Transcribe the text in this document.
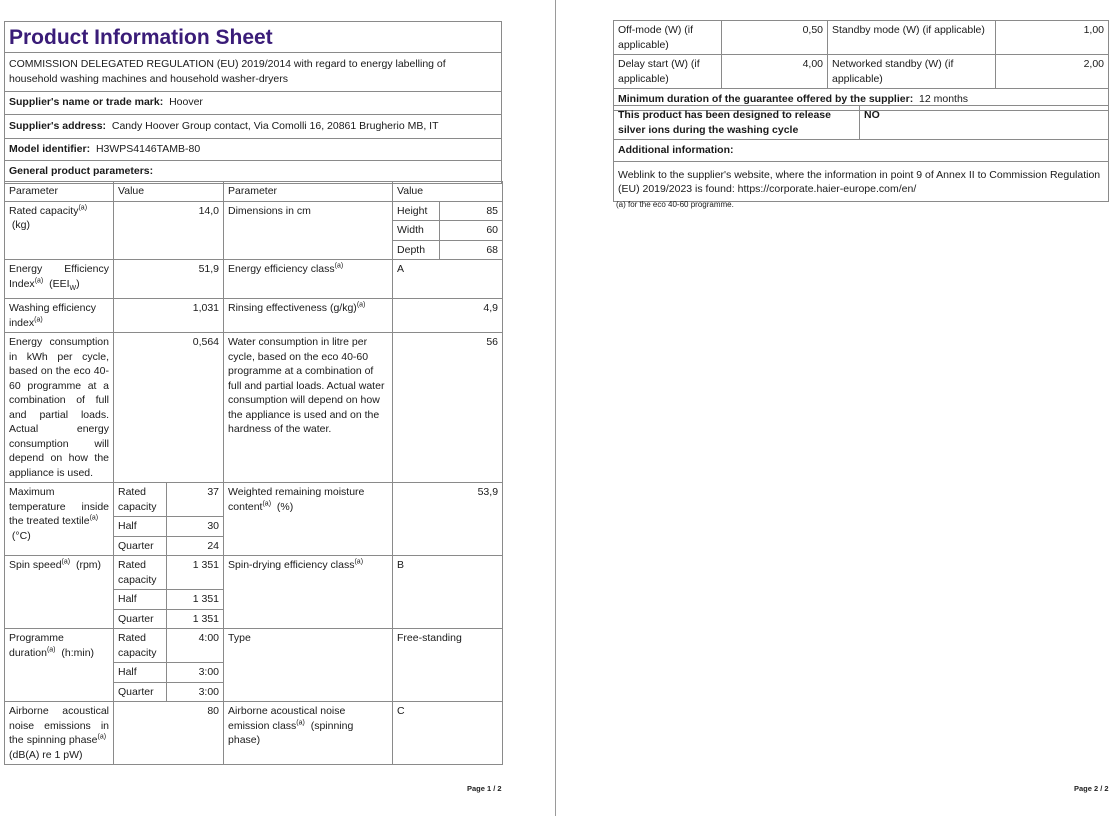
Product Information Sheet
COMMISSION DELEGATED REGULATION (EU) 2019/2014 with regard to energy labelling of household washing machines and household washer-dryers
Supplier's name or trade mark: Hoover
Supplier's address: Candy Hoover Group contact, Via Comolli 16, 20861 Brugherio MB, IT
Model identifier: H3WPS4146TAMB-80
General product parameters:
Parameter	Value		Parameter	Value	
Rated capacity$^{(a)}$
(kg)	14,0		Dimensions in cm	Height	85
				Width	60
				Depth	68
Energy Efficiency Index$^{(a)}$ $(EEI_W)$	51,9		Energy efficiency class$^{(a)}$	A	
Washing efficiency index$^{(a)}$	1,031		Rinsing effectiveness $(g/kg)^{(a)}$	4,9	
Energy consumption in kWh per cycle, based on the eco 40-60 programme at a combination of full and partial loads. Actual energy consumption will depend on how the appliance is used.	0,564		Water consumption in litre per cycle, based on the eco 40-60 programme at a combination of full and partial loads. Actual water consumption will depend on how the appliance is used and on the hardness of the water.	56	
Maximum temperature inside the treated textile$^{(a)}$
(°C)	Rated capacity	37	Weighted remaining moisture content$^{(a)}$ (%)	53,9	
	Half	30			
	Quarter	24			
Spin speed$^{(a)}$ (rpm)	Rated capacity	1 351	Spin-drying efficiency class$^{(a)}$	B	
	Half	1 351			
	Quarter	1 351			
Programme duration$^{(a)}$ (h:min)	Rated capacity	4:00	Type	Free-standing	
	Half	3:00			
	Quarter	3:00			
Airborne acoustical noise emissions in the spinning phase$^{(a)}$  (dB(A) re 1 pW)	80		Airborne acoustical noise emission class$^{(a)}$ (spinning phase)	C	
Page 1 / 2
Off-mode (W) (if applicable)	0,50	Standby mode (W) (if applicable)	1,00
Delay start (W) (if applicable)	4,00	Networked standby (W) (if applicable)	2,00
Minimum duration of the guarantee offered by the supplier: 12 months			
This product has been designed to release silver ions during the washing cycle	NO
Additional information:
Weblink to the supplier's website, where the information in point 9 of Annex II to Commission Regulation (EU) 2019/2023 is found: https://corporate.haier-europe.com/en/
(a) for the eco 40-60 programme.
Page 2 / 2
